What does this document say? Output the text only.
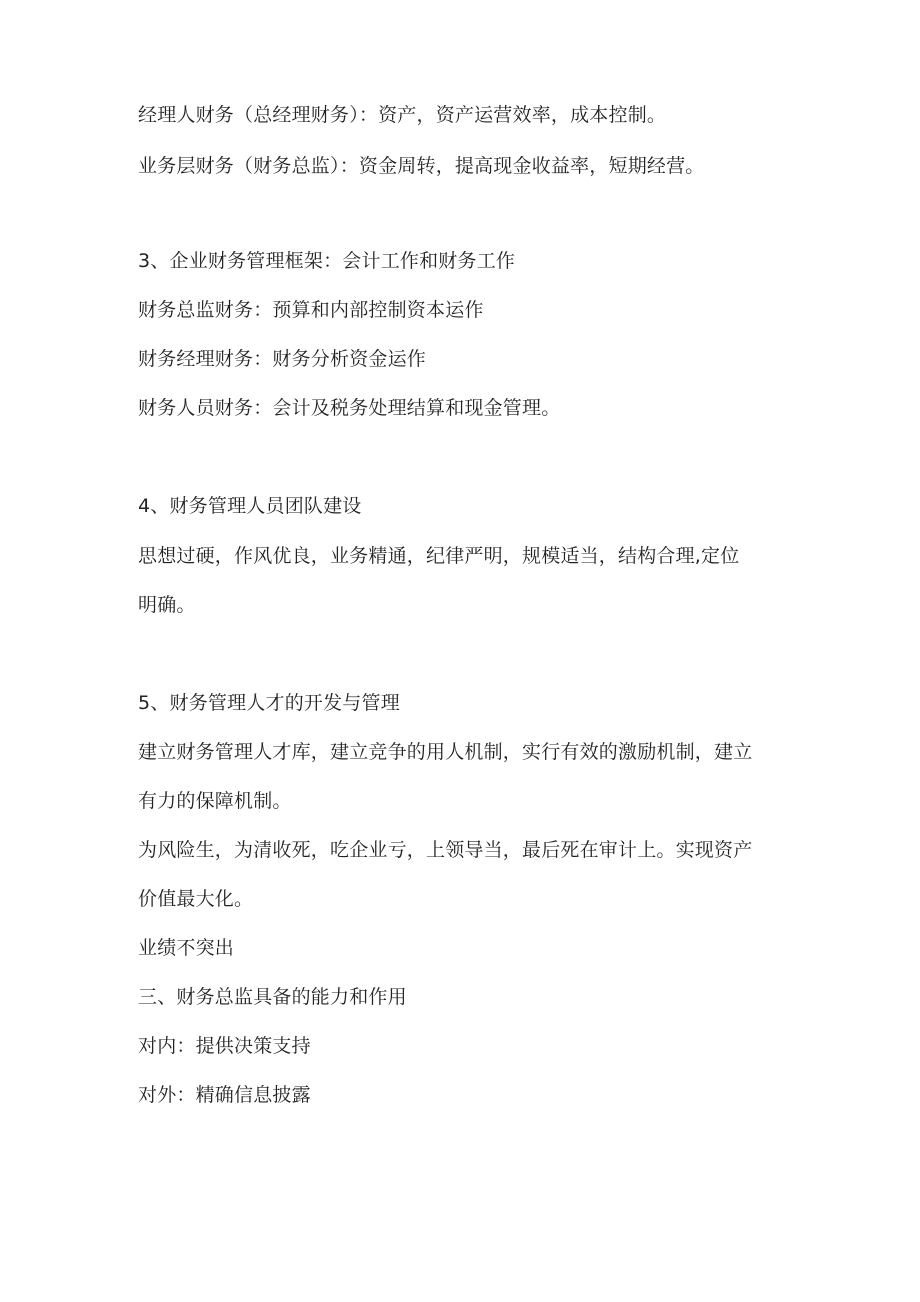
经理人财务（总经理财务）：资产，资产运营效率，成本控制。
业务层财务（财务总监）：资金周转，提高现金收益率，短期经营。
3、企业财务管理框架：会计工作和财务工作
财务总监财务：预算和内部控制资本运作
财务经理财务：财务分析资金运作
财务人员财务：会计及税务处理结算和现金管理。
4、财务管理人员团队建设
思想过硬，作风优良，业务精通，纪律严明，规模适当，结构合理,定位
明确。
5、财务管理人才的开发与管理
建立财务管理人才库，建立竞争的用人机制，实行有效的激励机制，建立
有力的保障机制。
为风险生，为清收死，吃企业亏，上领导当，最后死在审计上。实现资产
价值最大化。
业绩不突出
三、财务总监具备的能力和作用
对内：提供决策支持
对外：精确信息披露
